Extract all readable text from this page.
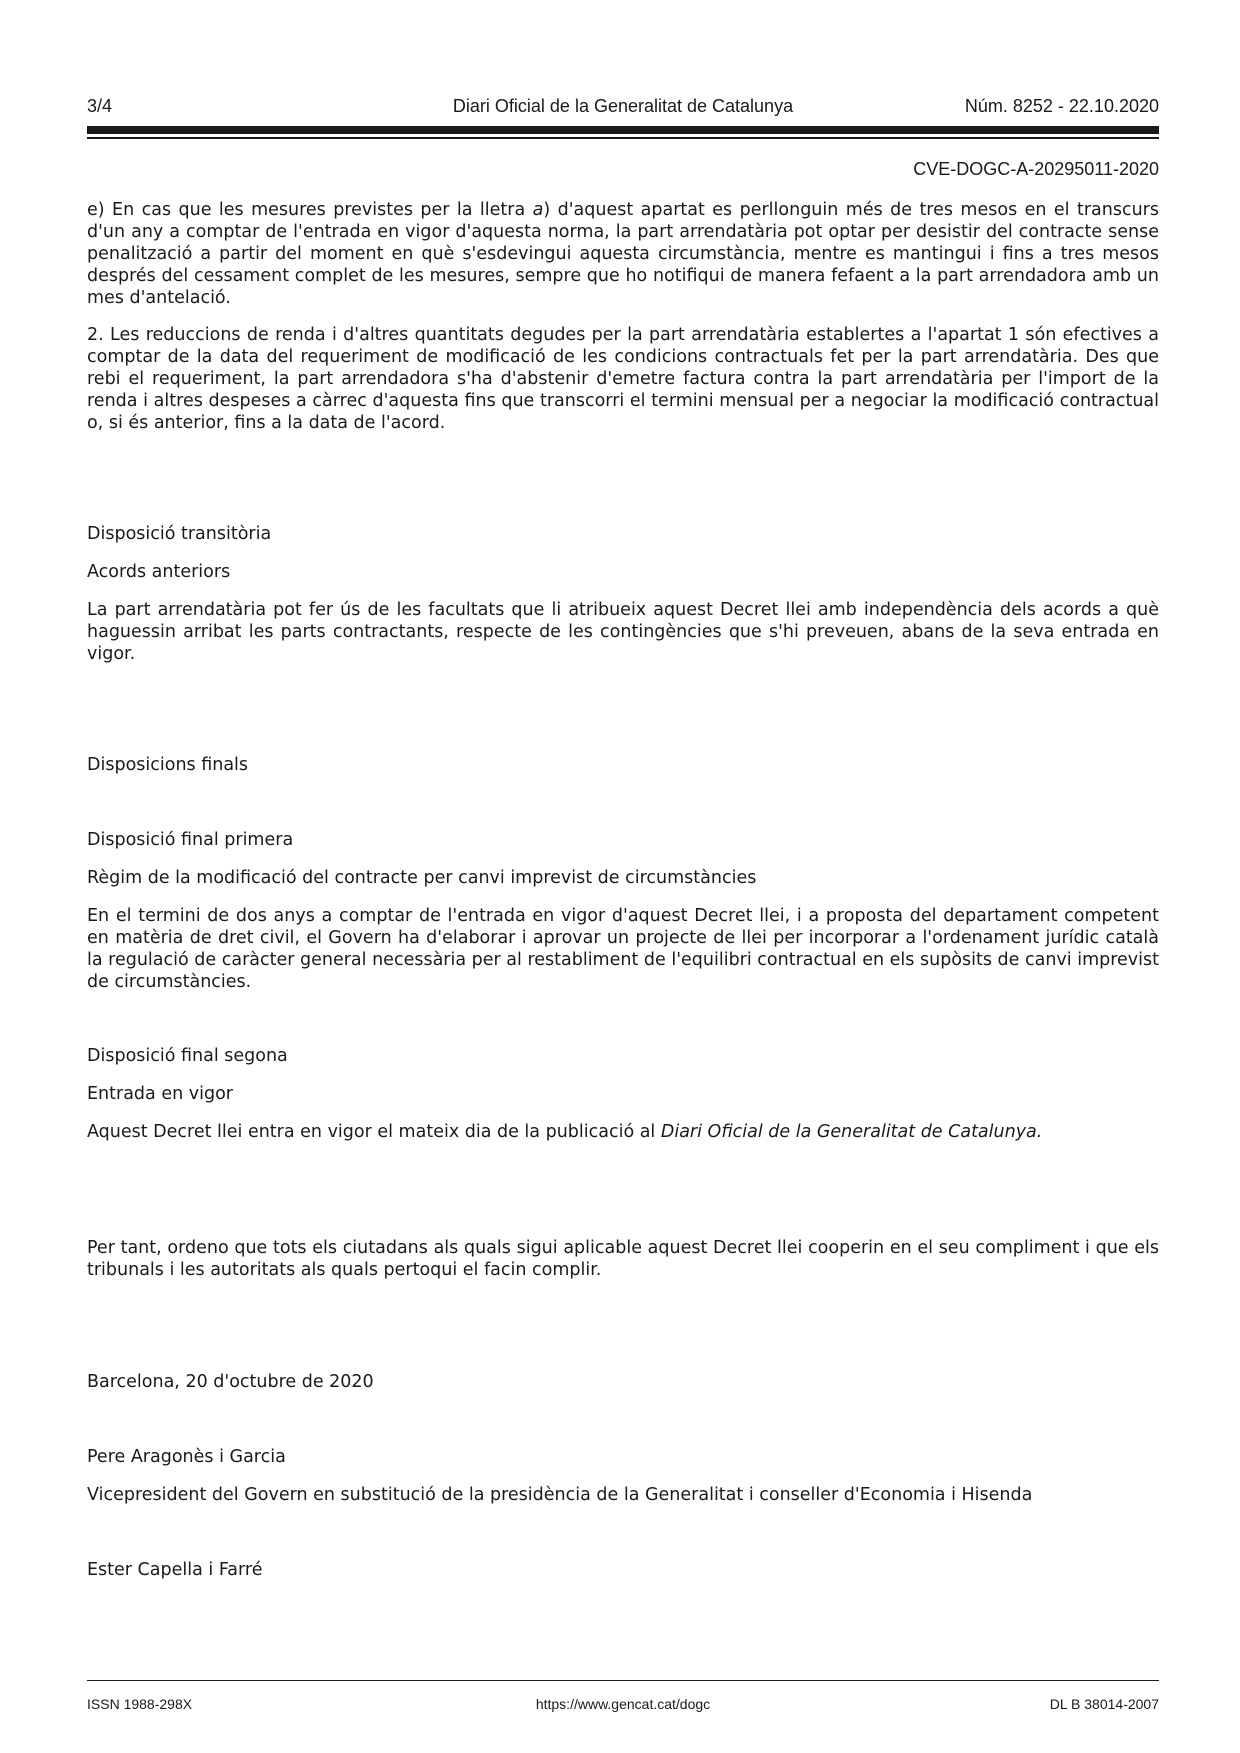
3/4	Diari Oficial de la Generalitat de Catalunya	Núm. 8252 - 22.10.2020
CVE-DOGC-A-20295011-2020

e) En cas que les mesures previstes per la lletra a) d'aquest apartat es perllonguin més de tres mesos en el transcurs d'un any a comptar de l'entrada en vigor d'aquesta norma, la part arrendatària pot optar per desistir del contracte sense penalització a partir del moment en què s'esdevingui aquesta circumstància, mentre es mantingui i fins a tres mesos després del cessament complet de les mesures, sempre que ho notifiqui de manera fefaent a la part arrendadora amb un mes d'antelació.

2. Les reduccions de renda i d'altres quantitats degudes per la part arrendatària establertes a l'apartat 1 són efectives a comptar de la data del requeriment de modificació de les condicions contractuals fet per la part arrendatària. Des que rebi el requeriment, la part arrendadora s'ha d'abstenir d'emetre factura contra la part arrendatària per l'import de la renda i altres despeses a càrrec d'aquesta fins que transcorri el termini mensual per a negociar la modificació contractual o, si és anterior, fins a la data de l'acord.

Disposició transitòria

Acords anteriors

La part arrendatària pot fer ús de les facultats que li atribueix aquest Decret llei amb independència dels acords a què haguessin arribat les parts contractants, respecte de les contingències que s'hi preveuen, abans de la seva entrada en vigor.

Disposicions finals

Disposició final primera

Règim de la modificació del contracte per canvi imprevist de circumstàncies

En el termini de dos anys a comptar de l'entrada en vigor d'aquest Decret llei, i a proposta del departament competent en matèria de dret civil, el Govern ha d'elaborar i aprovar un projecte de llei per incorporar a l'ordenament jurídic català la regulació de caràcter general necessària per al restabliment de l'equilibri contractual en els supòsits de canvi imprevist de circumstàncies.

Disposició final segona

Entrada en vigor

Aquest Decret llei entra en vigor el mateix dia de la publicació al Diari Oficial de la Generalitat de Catalunya.

Per tant, ordeno que tots els ciutadans als quals sigui aplicable aquest Decret llei cooperin en el seu compliment i que els tribunals i les autoritats als quals pertoqui el facin complir.

Barcelona, 20 d'octubre de 2020

Pere Aragonès i Garcia

Vicepresident del Govern en substitució de la presidència de la Generalitat i conseller d'Economia i Hisenda

Ester Capella i Farré

ISSN 1988-298X	https://www.gencat.cat/dogc	DL B 38014-2007
